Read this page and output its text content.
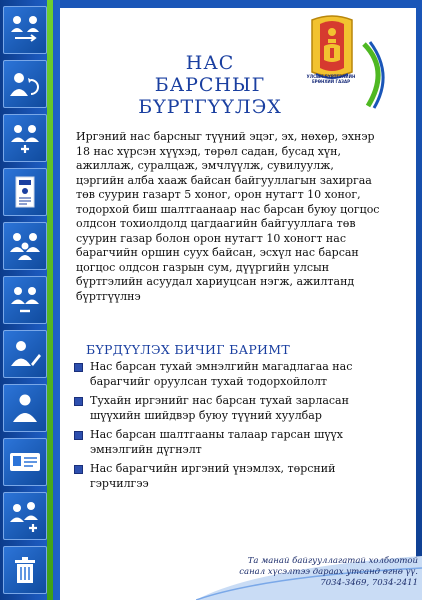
УЛСЫН БҮРТГЭЛИЙН ЕРӨНХИЙ ГАЗАР
НАС БАРСНЫГ
БҮРТГҮҮЛЭХ

Иргэний нас барсныг түүний эцэг, эх, нөхөр, эхнэр 18 нас хүрсэн хүүхэд, төрөл садан, бусад хүн, ажиллаж, суралцаж, эмчлүүлж, сувилуулж, цэргийн алба хааж байсан байгууллагын захиргаа төв суурин газарт 5 хоног, орон нутагт 10 хоног, тодорхой биш шалтгаанаар нас барсан буюу цогцос олдсон тохиолдолд цагдаагийн байгууллага төв суурин газар болон орон нутагт 10 хоногт нас барагчийн оршин суух байсан, эсхүл нас барсан цогцос олдсон газрын сум, дүүргийн улсын бүртгэлийн асуудал хариуцсан нэгж, ажилтанд бүртгүүлнэ

БҮРДҮҮЛЭХ БИЧИГ БАРИМТ
Нас барсан тухай эмнэлгийн магадлагаа нас барагчийг оруулсан тухай тодорхойлолт
Тухайн иргэнийг нас барсан тухай зарласан шүүхийн шийдвэр буюу түүний хуулбар
Нас барсан шалтгааны талаар гарсан шүүх эмнэлгийн дүгнэлт
Нас барагчийн иргэний үнэмлэх, төрсний гэрчилгээ
Та манай байгууллагатай холбоотой
санал хүсэлтээ дараах утсанд өгнө үү.
7034-3469, 7034-2411
